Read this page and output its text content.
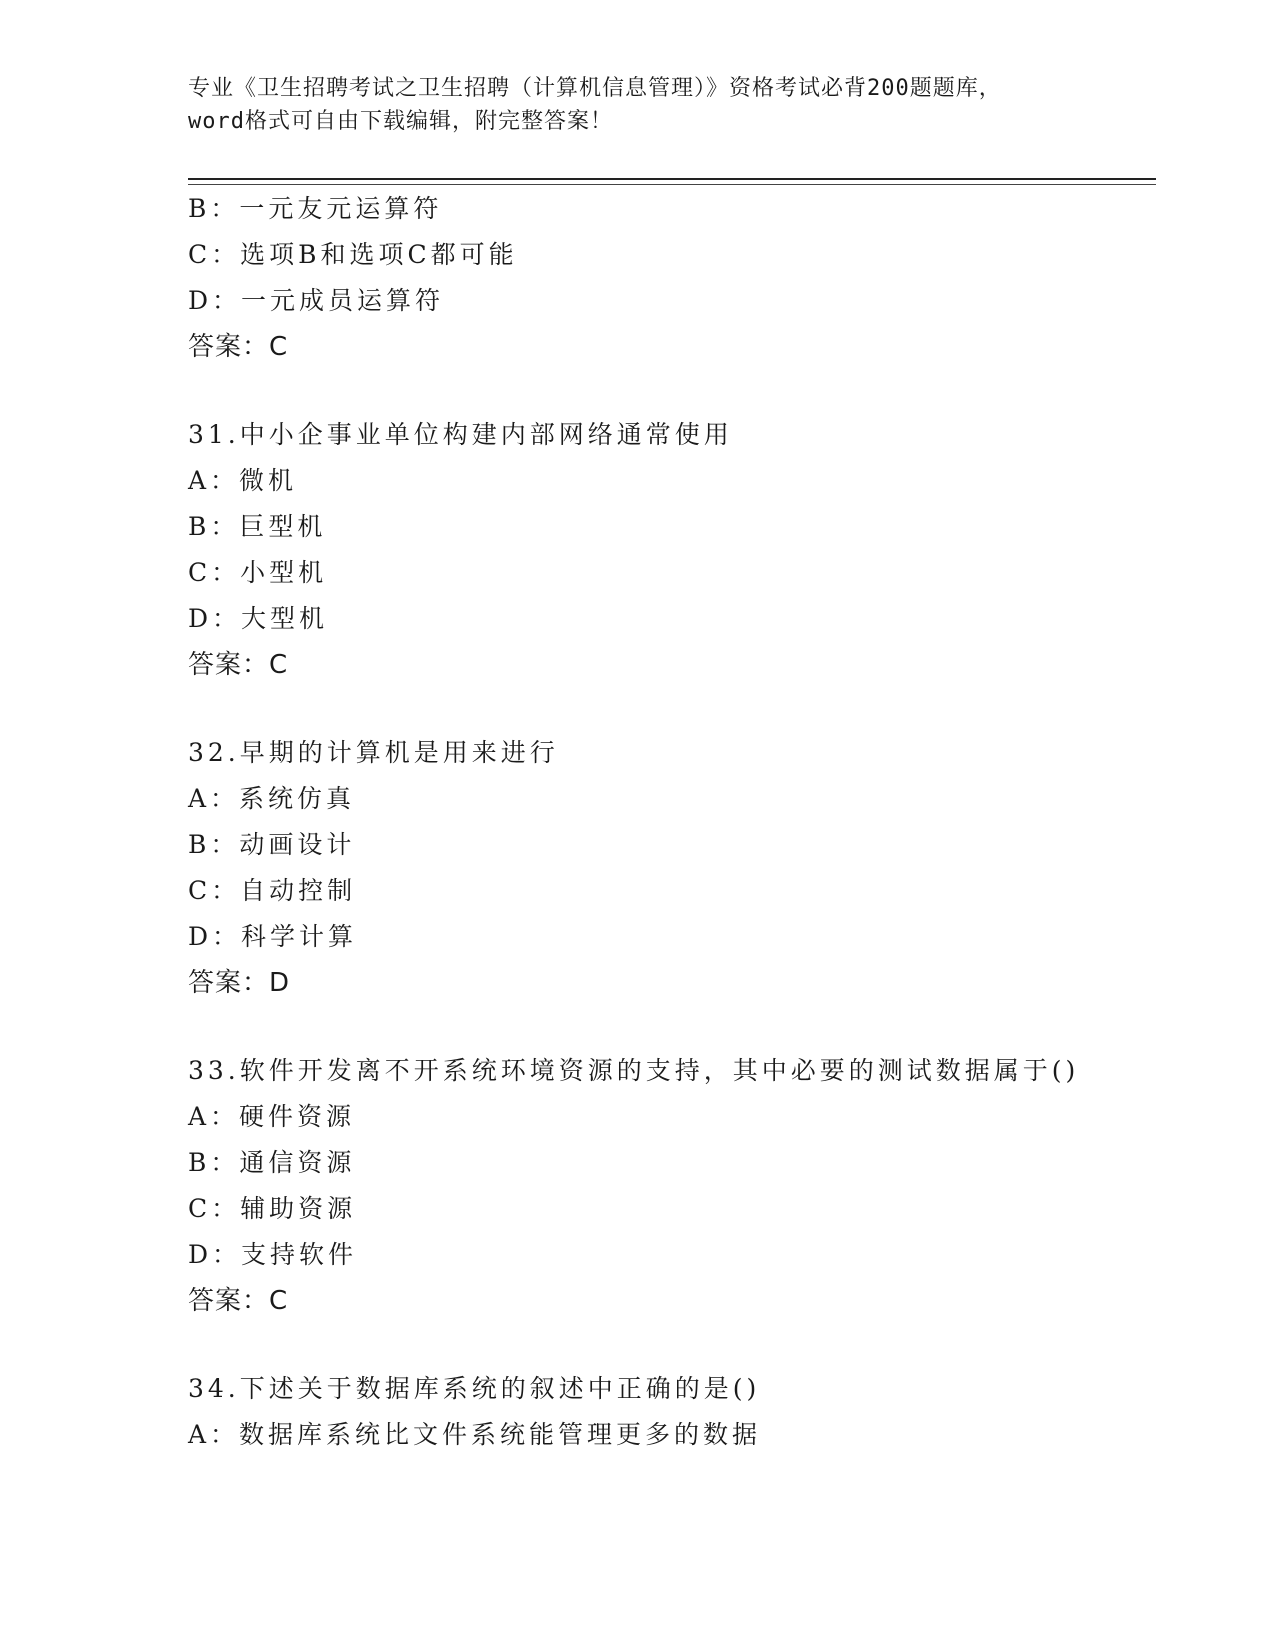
专业《卫生招聘考试之卫生招聘（计算机信息管理）》资格考试必背200题题库，
word格式可自由下载编辑，附完整答案！
B：一元友元运算符
C：选项B和选项C都可能
D：一元成员运算符
答案：C
31.中小企事业单位构建内部网络通常使用
A：微机
B：巨型机
C：小型机
D：大型机
答案：C
32.早期的计算机是用来进行
A：系统仿真
B：动画设计
C：自动控制
D：科学计算
答案：D
33.软件开发离不开系统环境资源的支持，其中必要的测试数据属于()
A：硬件资源
B：通信资源
C：辅助资源
D：支持软件
答案：C
34.下述关于数据库系统的叙述中正确的是()
A：数据库系统比文件系统能管理更多的数据
